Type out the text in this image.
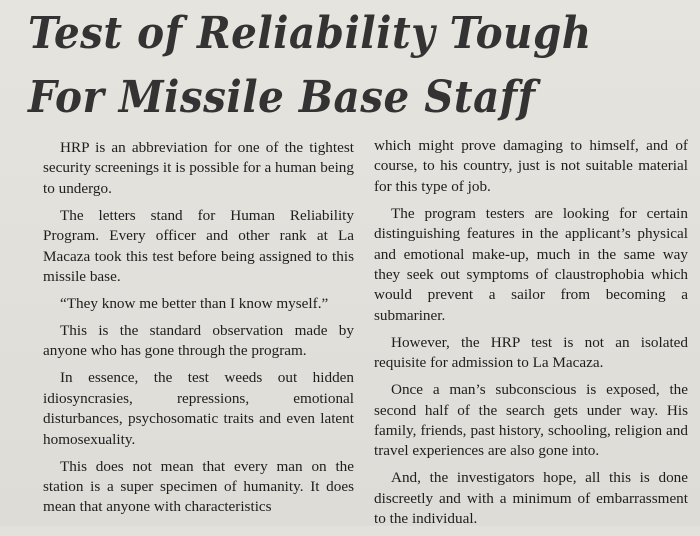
Test of Reliability Tough
For Missile Base Staff

HRP is an abbreviation for one of the tightest security screenings it is possible for a human being to undergo.

The letters stand for Human Reliability Program. Every officer and other rank at La Macaza took this test before being assigned to this missile base.

“They know me better than I know myself.”

This is the standard observation made by anyone who has gone through the program.

In essence, the test weeds out hidden idiosyncrasies, repressions, emotional disturbances, psychosomatic traits and even latent homosexuality.

This does not mean that every man on the station is a super specimen of humanity. It does mean that anyone with characteristics

which might prove damaging to himself, and of course, to his country, just is not suitable material for this type of job.

The program testers are looking for certain distinguishing features in the applicant’s physical and emotional make-up, much in the same way they seek out symptoms of claustrophobia which would prevent a sailor from becoming a submariner.

However, the HRP test is not an isolated requisite for admission to La Macaza.

Once a man’s subconscious is exposed, the second half of the search gets under way. His family, friends, past history, schooling, religion and travel experiences are also gone into.

And, the investigators hope, all this is done discreetly and with a minimum of embarrassment to the individual.
